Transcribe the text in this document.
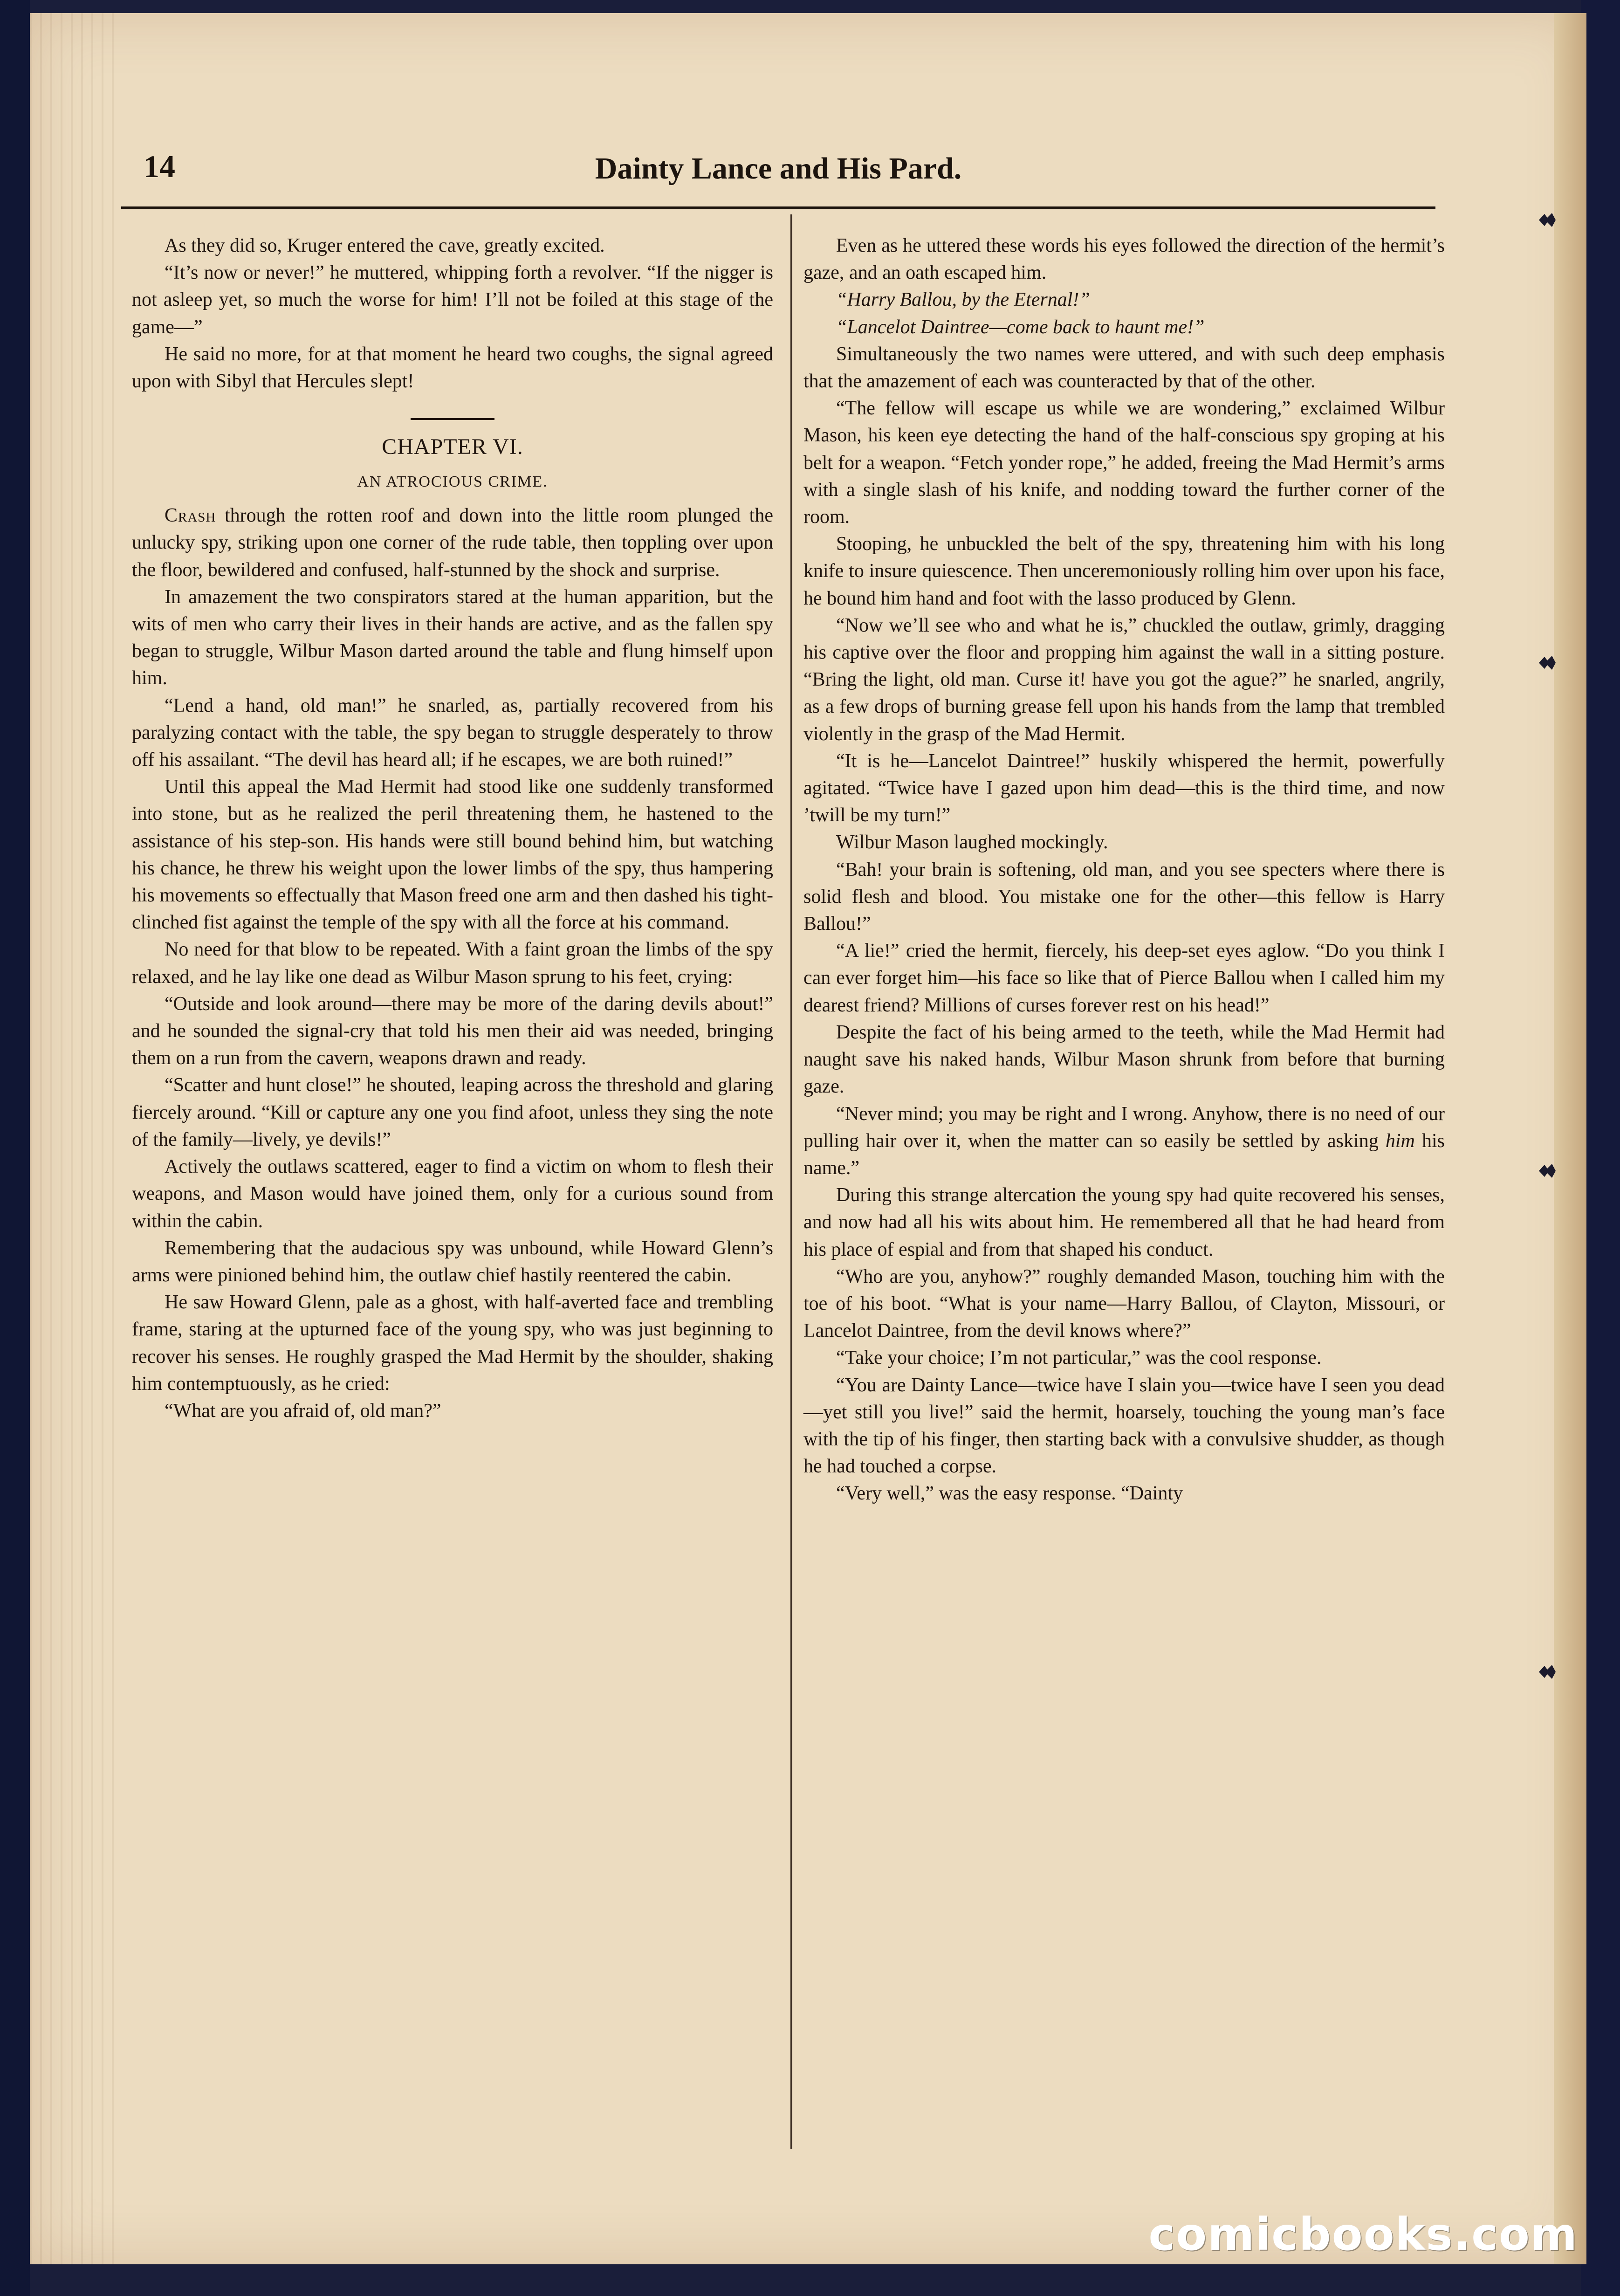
14	Dainty Lance and His Pard.

As they did so, Kruger entered the cave, greatly excited.

“It’s now or never!” he muttered, whipping forth a revolver. “If the nigger is not asleep yet, so much the worse for him! I’ll not be foiled at this stage of the game—”

He said no more, for at that moment he heard two coughs, the signal agreed upon with Sibyl that Hercules slept!

CHAPTER VI.
AN ATROCIOUS CRIME.

Crash through the rotten roof and down into the little room plunged the unlucky spy, striking upon one corner of the rude table, then toppling over upon the floor, bewildered and confused, half-stunned by the shock and surprise.

In amazement the two conspirators stared at the human apparition, but the wits of men who carry their lives in their hands are active, and as the fallen spy began to struggle, Wilbur Mason darted around the table and flung himself upon him.

“Lend a hand, old man!” he snarled, as, partially recovered from his paralyzing contact with the table, the spy began to struggle desperately to throw off his assailant. “The devil has heard all; if he escapes, we are both ruined!”

Until this appeal the Mad Hermit had stood like one suddenly transformed into stone, but as he realized the peril threatening them, he hastened to the assistance of his step-son. His hands were still bound behind him, but watching his chance, he threw his weight upon the lower limbs of the spy, thus hampering his movements so effectually that Mason freed one arm and then dashed his tight-clinched fist against the temple of the spy with all the force at his command.

No need for that blow to be repeated. With a faint groan the limbs of the spy relaxed, and he lay like one dead as Wilbur Mason sprung to his feet, crying:

“Outside and look around—there may be more of the daring devils about!” and he sounded the signal-cry that told his men their aid was needed, bringing them on a run from the cavern, weapons drawn and ready.

“Scatter and hunt close!” he shouted, leaping across the threshold and glaring fiercely around. “Kill or capture any one you find afoot, unless they sing the note of the family—lively, ye devils!”

Actively the outlaws scattered, eager to find a victim on whom to flesh their weapons, and Mason would have joined them, only for a curious sound from within the cabin.

Remembering that the audacious spy was unbound, while Howard Glenn’s arms were pinioned behind him, the outlaw chief hastily reentered the cabin.

He saw Howard Glenn, pale as a ghost, with half-averted face and trembling frame, staring at the upturned face of the young spy, who was just beginning to recover his senses. He roughly grasped the Mad Hermit by the shoulder, shaking him contemptuously, as he cried:

“What are you afraid of, old man?”

Even as he uttered these words his eyes followed the direction of the hermit’s gaze, and an oath escaped him.

“Harry Ballou, by the Eternal!”

“Lancelot Daintree—come back to haunt me!”

Simultaneously the two names were uttered, and with such deep emphasis that the amazement of each was counteracted by that of the other.

“The fellow will escape us while we are wondering,” exclaimed Wilbur Mason, his keen eye detecting the hand of the half-conscious spy groping at his belt for a weapon. “Fetch yonder rope,” he added, freeing the Mad Hermit’s arms with a single slash of his knife, and nodding toward the further corner of the room.

Stooping, he unbuckled the belt of the spy, threatening him with his long knife to insure quiescence. Then unceremoniously rolling him over upon his face, he bound him hand and foot with the lasso produced by Glenn.

“Now we’ll see who and what he is,” chuckled the outlaw, grimly, dragging his captive over the floor and propping him against the wall in a sitting posture. “Bring the light, old man. Curse it! have you got the ague?” he snarled, angrily, as a few drops of burning grease fell upon his hands from the lamp that trembled violently in the grasp of the Mad Hermit.

“It is he—Lancelot Daintree!” huskily whispered the hermit, powerfully agitated. “Twice have I gazed upon him dead—this is the third time, and now ’twill be my turn!”

Wilbur Mason laughed mockingly.

“Bah! your brain is softening, old man, and you see specters where there is solid flesh and blood. You mistake one for the other—this fellow is Harry Ballou!”

“A lie!” cried the hermit, fiercely, his deep-set eyes aglow. “Do you think I can ever forget him—his face so like that of Pierce Ballou when I called him my dearest friend? Millions of curses forever rest on his head!”

Despite the fact of his being armed to the teeth, while the Mad Hermit had naught save his naked hands, Wilbur Mason shrunk from before that burning gaze.

“Never mind; you may be right and I wrong. Anyhow, there is no need of our pulling hair over it, when the matter can so easily be settled by asking him his name.”

During this strange altercation the young spy had quite recovered his senses, and now had all his wits about him. He remembered all that he had heard from his place of espial and from that shaped his conduct.

“Who are you, anyhow?” roughly demanded Mason, touching him with the toe of his boot. “What is your name—Harry Ballou, of Clayton, Missouri, or Lancelot Daintree, from the devil knows where?”

“Take your choice; I’m not particular,” was the cool response.

“You are Dainty Lance—twice have I slain you—twice have I seen you dead—yet still you live!” said the hermit, hoarsely, touching the young man’s face with the tip of his finger, then starting back with a convulsive shudder, as though he had touched a corpse.

“Very well,” was the easy response. “Dainty

comicbooks.com
